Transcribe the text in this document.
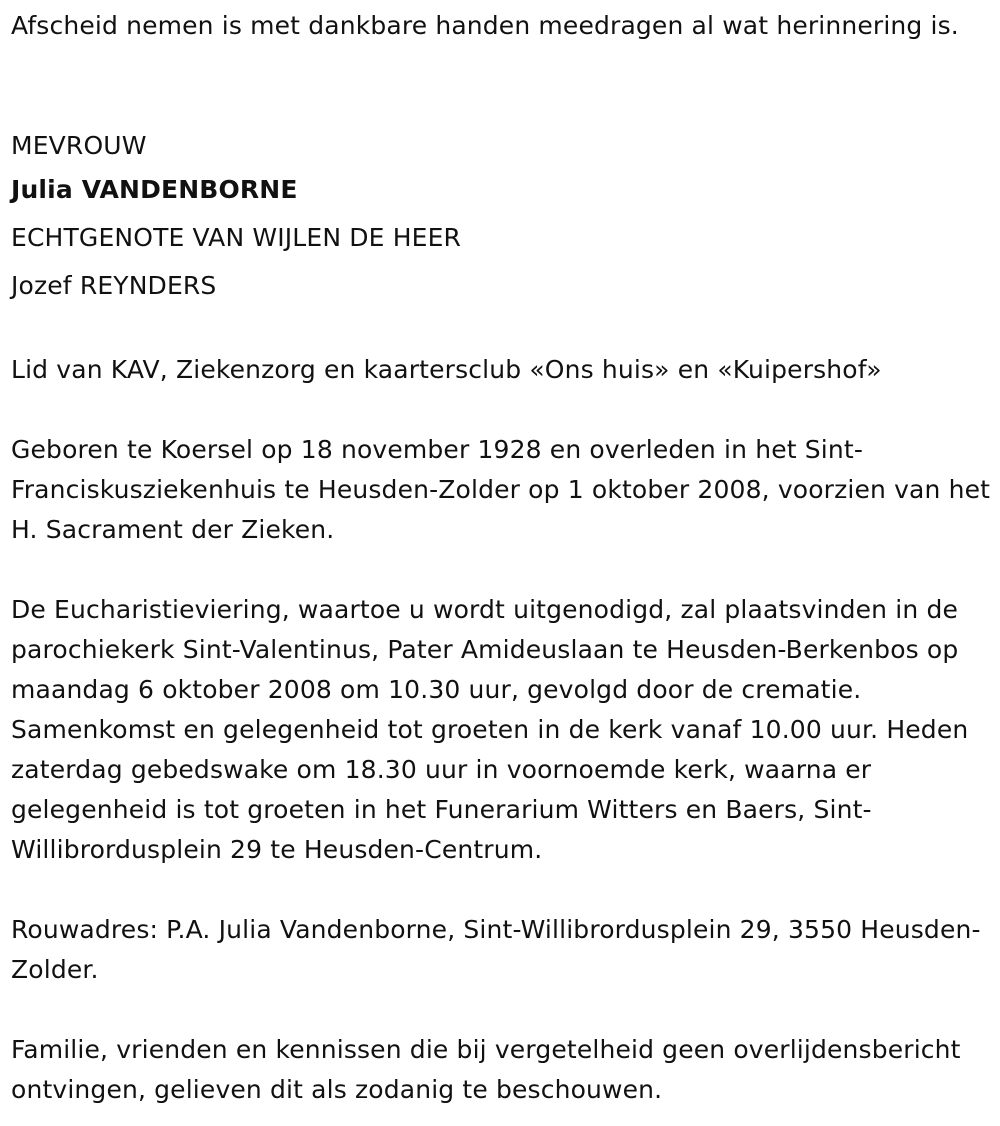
Afscheid nemen is met dankbare handen meedragen al wat herinnering is.

MEVROUW

Julia VANDENBORNE

ECHTGENOTE VAN WIJLEN DE HEER

Jozef REYNDERS

Lid van KAV, Ziekenzorg en kaartersclub «Ons huis» en «Kuipershof»

Geboren te Koersel op 18 november 1928 en overleden in het Sint-Franciskusziekenhuis te Heusden-Zolder op 1 oktober 2008, voorzien van het H. Sacrament der Zieken.

De Eucharistieviering, waartoe u wordt uitgenodigd, zal plaatsvinden in de parochiekerk Sint-Valentinus, Pater Amideuslaan te Heusden-Berkenbos op maandag 6 oktober 2008 om 10.30 uur, gevolgd door de crematie. Samenkomst en gelegenheid tot groeten in de kerk vanaf 10.00 uur. Heden zaterdag gebedswake om 18.30 uur in voornoemde kerk, waarna er gelegenheid is tot groeten in het Funerarium Witters en Baers, Sint-Willibrordusplein 29 te Heusden-Centrum.

Rouwadres: P.A. Julia Vandenborne, Sint-Willibrordusplein 29, 3550 Heusden-Zolder.

Familie, vrienden en kennissen die bij vergetelheid geen overlijdensbericht ontvingen, gelieven dit als zodanig te beschouwen.
